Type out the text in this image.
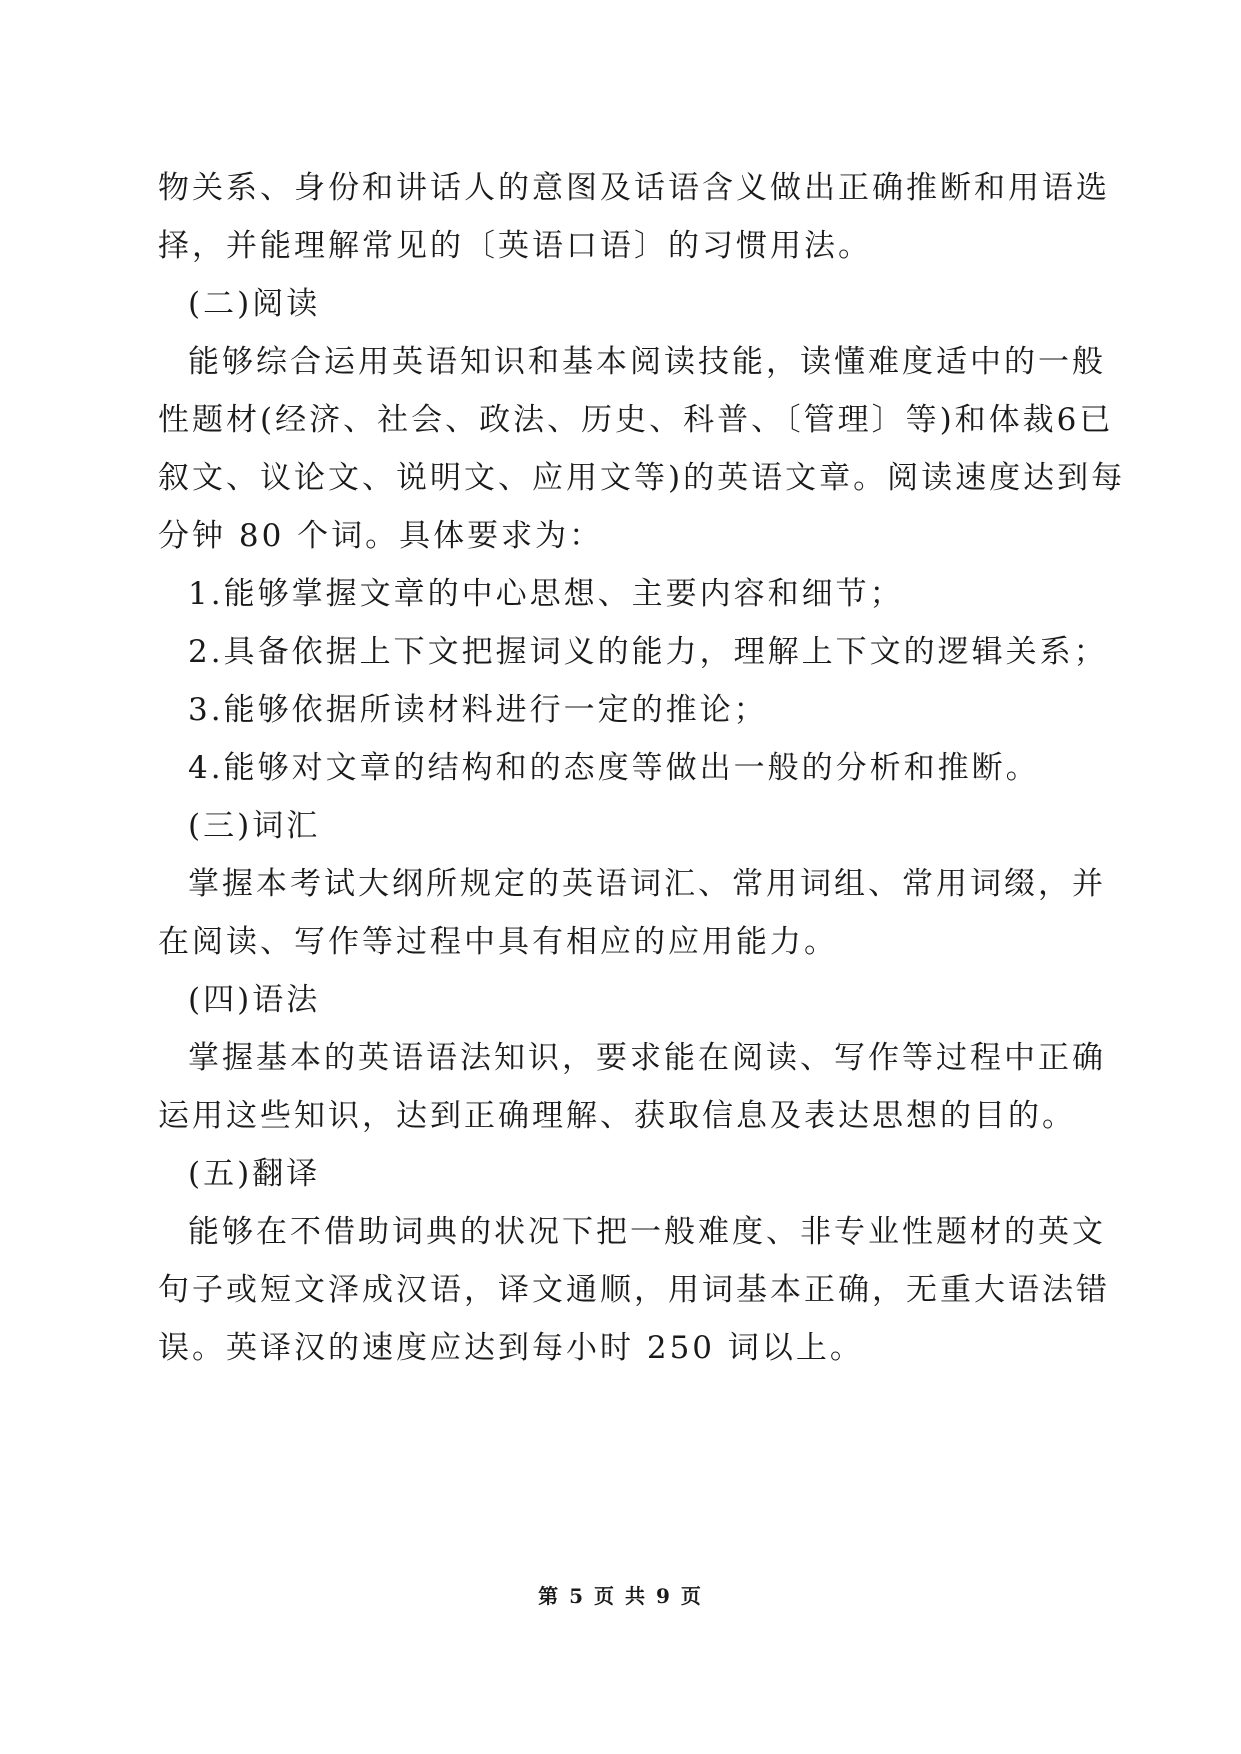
物关系、身份和讲话人的意图及话语含义做出正确推断和用语选
择，并能理解常见的〔英语口语〕的习惯用法。
(二)阅读
能够综合运用英语知识和基本阅读技能，读懂难度适中的一般
性题材(经济、社会、政法、历史、科普、〔管理〕等)和体裁6已
叙文、议论文、说明文、应用文等)的英语文章。阅读速度达到每
分钟 80 个词。具体要求为：
1.能够掌握文章的中心思想、主要内容和细节；
2.具备依据上下文把握词义的能力，理解上下文的逻辑关系；
3.能够依据所读材料进行一定的推论；
4.能够对文章的结构和的态度等做出一般的分析和推断。
(三)词汇
掌握本考试大纲所规定的英语词汇、常用词组、常用词缀，并
在阅读、写作等过程中具有相应的应用能力。
(四)语法
掌握基本的英语语法知识，要求能在阅读、写作等过程中正确
运用这些知识，达到正确理解、获取信息及表达思想的目的。
(五)翻译
能够在不借助词典的状况下把一般难度、非专业性题材的英文
句子或短文泽成汉语，译文通顺，用词基本正确，无重大语法错
误。英译汉的速度应达到每小时 250 词以上。
第 5 页 共 9 页
